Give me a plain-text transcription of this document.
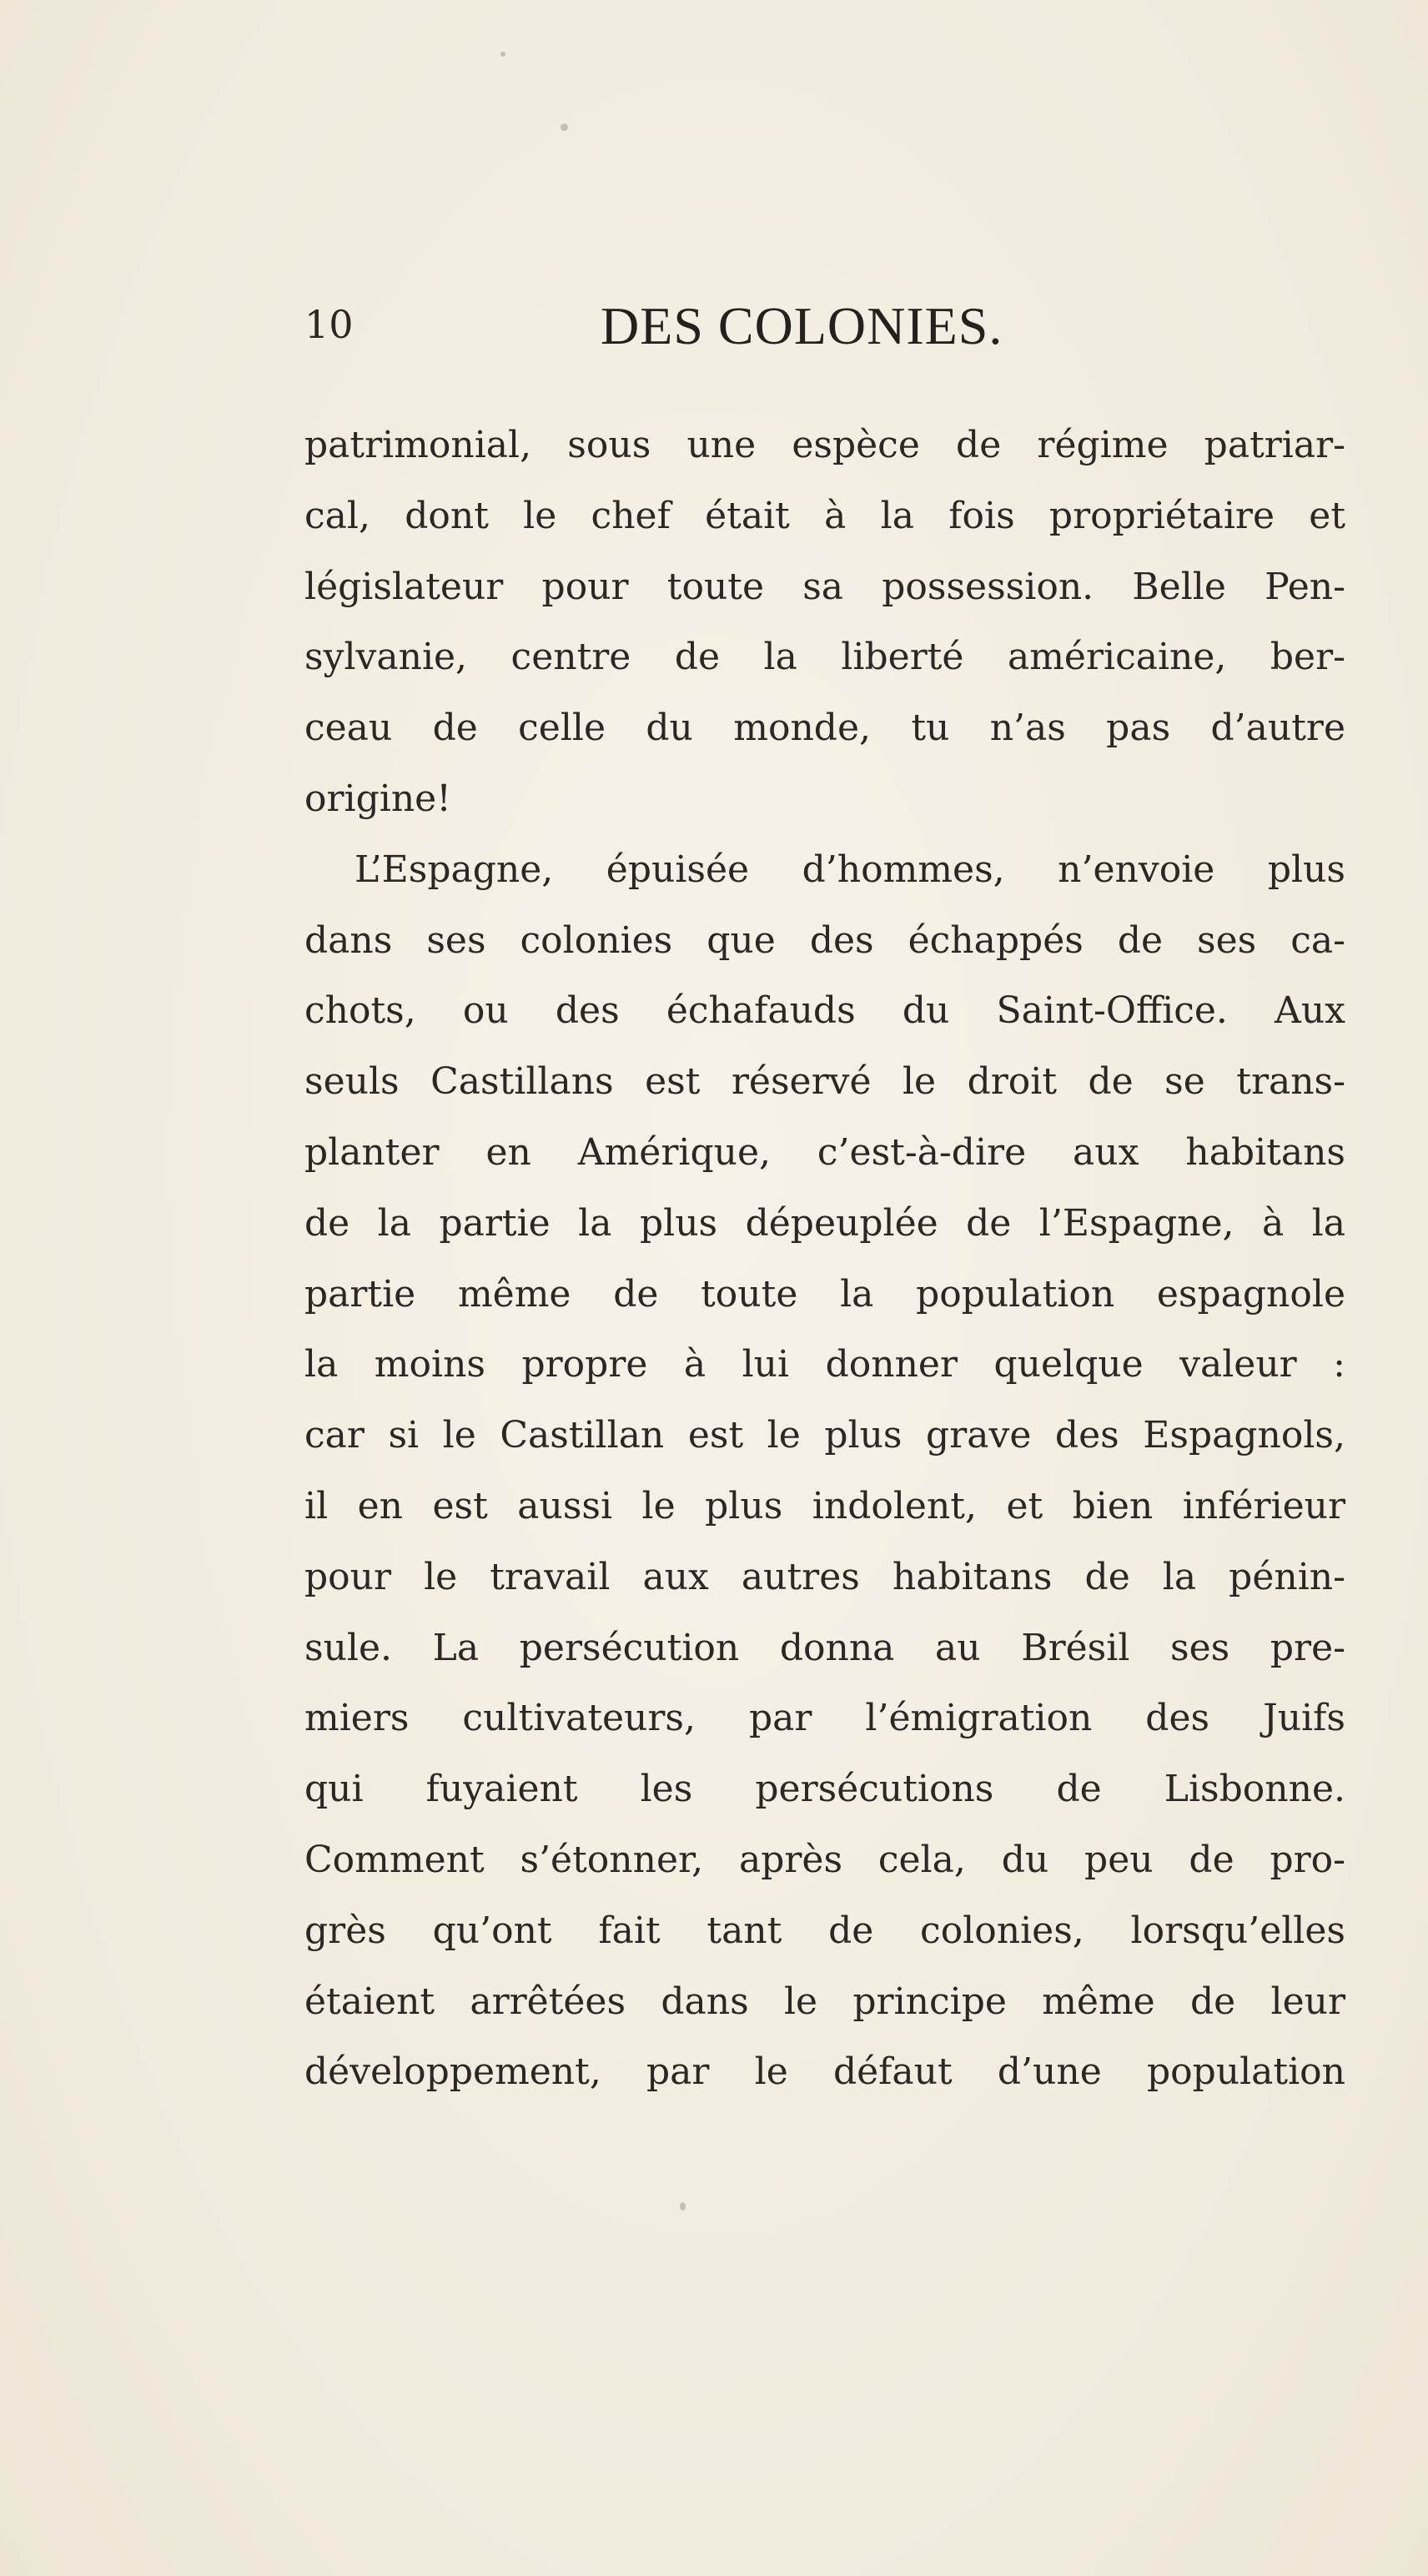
10	DES COLONIES.
patrimonial, sous une espèce de régime patriar-
cal, dont le chef était à la fois propriétaire et
législateur pour toute sa possession. Belle Pen-
sylvanie, centre de la liberté américaine, ber-
ceau de celle du monde, tu n’as pas d’autre
origine!
L’Espagne, épuisée d’hommes, n’envoie plus
dans ses colonies que des échappés de ses ca-
chots, ou des échafauds du Saint-Office. Aux
seuls Castillans est réservé le droit de se trans-
planter en Amérique, c’est-à-dire aux habitans
de la partie la plus dépeuplée de l’Espagne, à la
partie même de toute la population espagnole
la moins propre à lui donner quelque valeur :
car si le Castillan est le plus grave des Espagnols,
il en est aussi le plus indolent, et bien inférieur
pour le travail aux autres habitans de la pénin-
sule. La persécution donna au Brésil ses pre-
miers cultivateurs, par l’émigration des Juifs
qui fuyaient les persécutions de Lisbonne.
Comment s’étonner, après cela, du peu de pro-
grès qu’ont fait tant de colonies, lorsqu’elles
étaient arrêtées dans le principe même de leur
développement, par le défaut d’une population
